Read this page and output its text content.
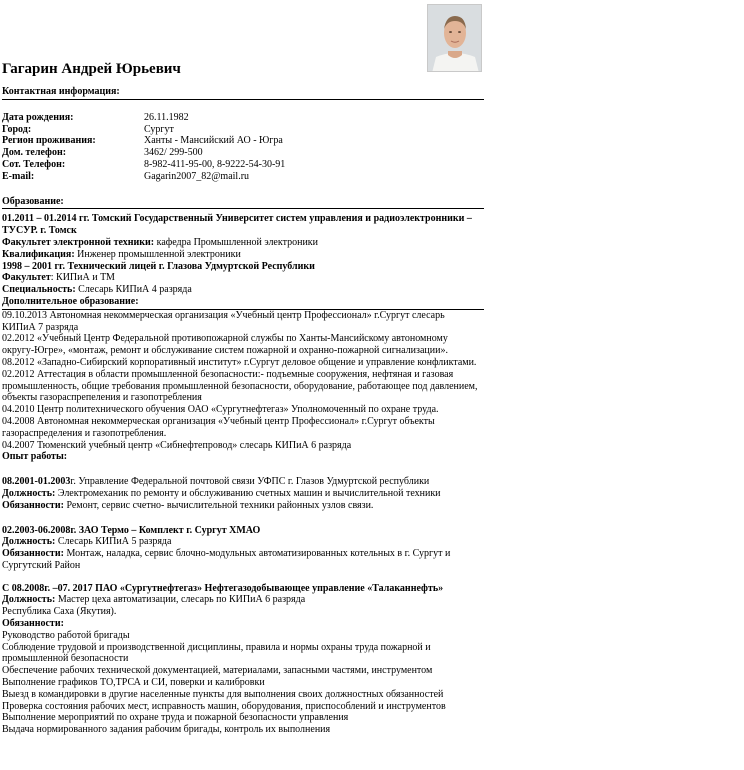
Гагарин Андрей Юрьевич
Контактная информация:
Дата рождения:	26.11.1982
Город:	Сургут
Регион проживания:	Ханты - Мансийский АО - Югра
Дом. телефон:	3462/ 299-500
Сот. Телефон:	8-982-411-95-00, 8-9222-54-30-91
E-mail:	Gagarin2007_82@mail.ru
Образование:
01.2011 – 01.2014 гг. Томский Государственный Университет систем управления и радиоэлектронники – ТУСУР. г. Томск
Факультет электронной техники: кафедра Промышленной электроники
Квалификация: Инженер промышленной электроники
1998 – 2001 гг. Технический лицей г. Глазова Удмуртской Республики
Факультет: КИПиА и ТМ
Специальность: Слесарь КИПиА 4 разряда
Дополнительное образование:
09.10.2013 Автономная некоммерческая организация «Учебный центр Профессионал» г.Сургут слесарь КИПиА 7 разряда
02.2012 «Учебный Центр Федеральной противопожарной службы по Ханты-Мансийскому автономному округу-Югре», «монтаж, ремонт и обслуживание систем пожарной и охранно-пожарной сигнализации».
08.2012 «Западно-Сибирский корпоративный институт» г.Сургут деловое общение и управление конфликтами.
02.2012 Аттестация в области промышленной безопасности:- подъемные сооружения, нефтяная и газовая промышленность, общие требования промышленной безопасности, оборудование, работающее под давлением, объекты газораспрепеления и газопотребления
04.2010 Центр политехнического обучения ОАО «Сургутнефтегаз» Уполномоченный по охране труда.
04.2008 Автономная некоммерческая организация «Учебный центр Профессионал» г.Сургут объекты газораспределения и газопотребления.
04.2007 Тюменский учебный центр «Сибнефтепровод» слесарь КИПиА 6 разряда
Опыт работы:
08.2001-01.2003г. Управление Федеральной почтовой связи УФПС г. Глазов Удмуртской республики
Должность: Электромеханик по ремонту и обслуживанию счетных машин и вычислительной техники
Обязанности: Ремонт, сервис счетно- вычислительной техники районных узлов связи.
02.2003-06.2008г. ЗАО Термо – Комплект г. Сургут ХМАО
Должность: Слесарь КИПиА 5 разряда
Обязанности: Монтаж, наладка, сервис блочно-модульных автоматизированных котельных в г. Сургут и Сургутский Район
С 08.2008г. –07. 2017 ПАО «Сургутнефтегаз» Нефтегазодобывающее управление «Талаканнефть»
Должность: Мастер цеха автоматизации, слесарь по КИПиА 6 разряда
Республика Саха (Якутия).
Обязанности:
Руководство работой бригады
Соблюдение трудовой и производственной дисциплины, правила и нормы охраны труда пожарной и промышленной безопасности
Обеспечение рабочих технической документацией, материалами, запасными частями, инструментом
Выполнение графиков ТО,ТРСА и СИ, поверки и калибровки
Выезд в командировки в другие населенные пункты для выполнения своих должностных обязанностей
Проверка состояния рабочих мест, исправность машин, оборудования, приспособлений и инструментов
Выполнение мероприятий по охране труда и пожарной безопасности управления
Выдача нормированного задания рабочим бригады, контроль их выполнения
